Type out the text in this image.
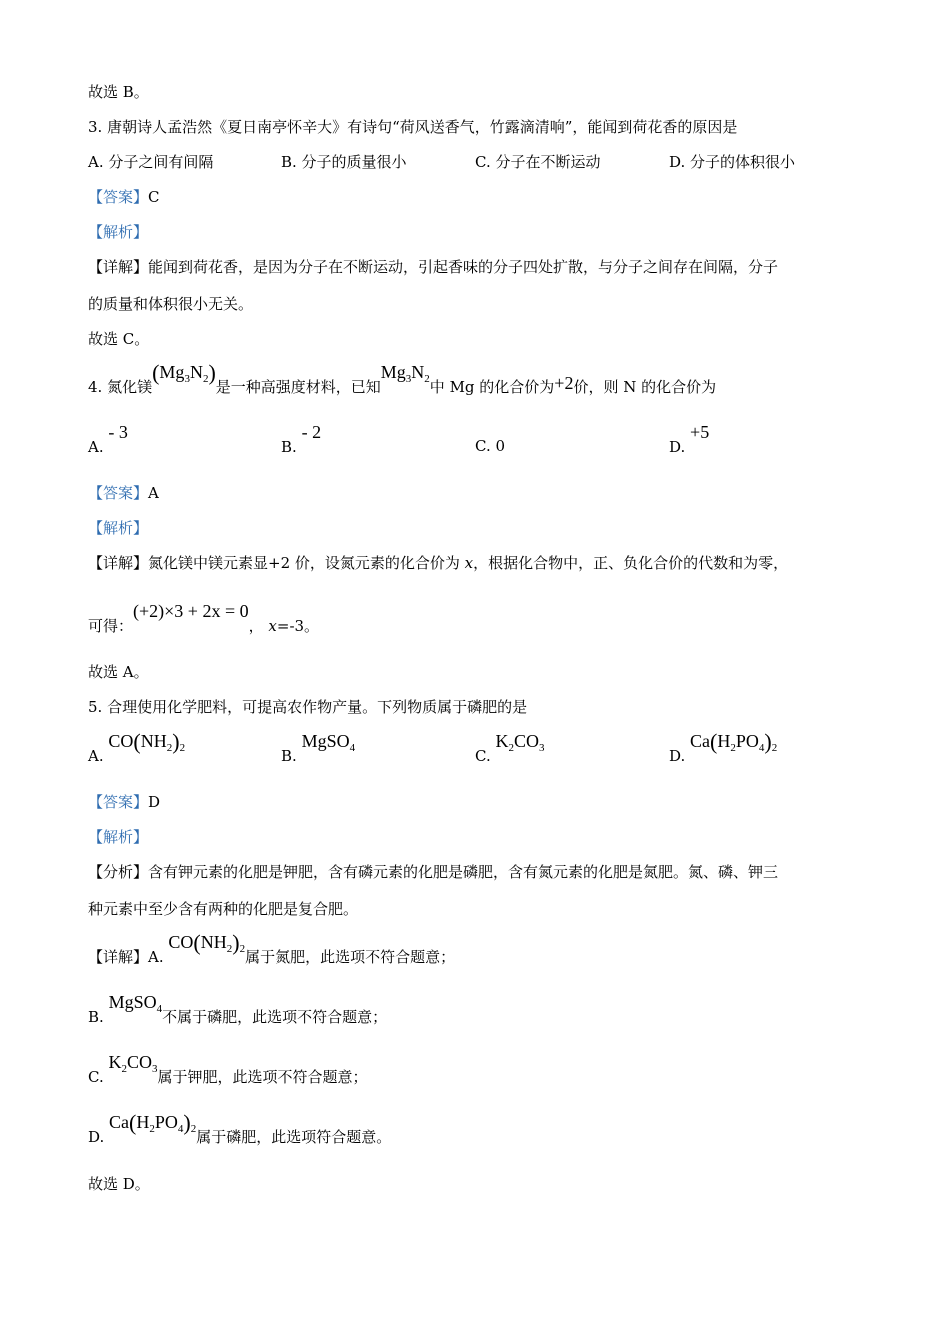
故选 B。
3. 唐朝诗人孟浩然《夏日南亭怀辛大》有诗句“荷风送香气，竹露滴清响”，能闻到荷花香的原因是
A. 分子之间有间隔	B. 分子的质量很小	C. 分子在不断运动	D. 分子的体积很小
【答案】C
【解析】
【详解】能闻到荷花香，是因为分子在不断运动，引起香味的分子四处扩散，与分子之间存在间隔，分子
的质量和体积很小无关。
故选 C。
4. 氮化镁$(Mg_3N_2)$是一种高强度材料，已知$Mg_3N_2$中 Mg 的化合价为+2价，则 N 的化合价为
A. - 3
B. - 2
C. 0	D. +5
【答案】A
【解析】
【详解】氮化镁中镁元素显+2 价，设氮元素的化合价为 x，根据化合物中，正、负化合价的代数和为零，
可得：(+2)×3 + 2x = 0， x=-3。
故选 A。
5. 合理使用化学肥料，可提高农作物产量。下列物质属于磷肥的是
A. $CO(NH_2)_2$	B. MgSO$_4$	C. $K_2CO_3$	D. $Ca(H_2PO_4)_2$
【答案】D
【解析】
【分析】含有钾元素的化肥是钾肥，含有磷元素的化肥是磷肥，含有氮元素的化肥是氮肥。氮、磷、钾三
种元素中至少含有两种的化肥是复合肥。
【详解】A. $CO(NH_2)_2$属于氮肥，此选项不符合题意；
B. MgSO$_4$不属于磷肥，此选项不符合题意；
C. $K_2CO_3$属于钾肥，此选项不符合题意；
D. $Ca(H_2PO_4)_2$属于磷肥，此选项符合题意。
故选 D。
